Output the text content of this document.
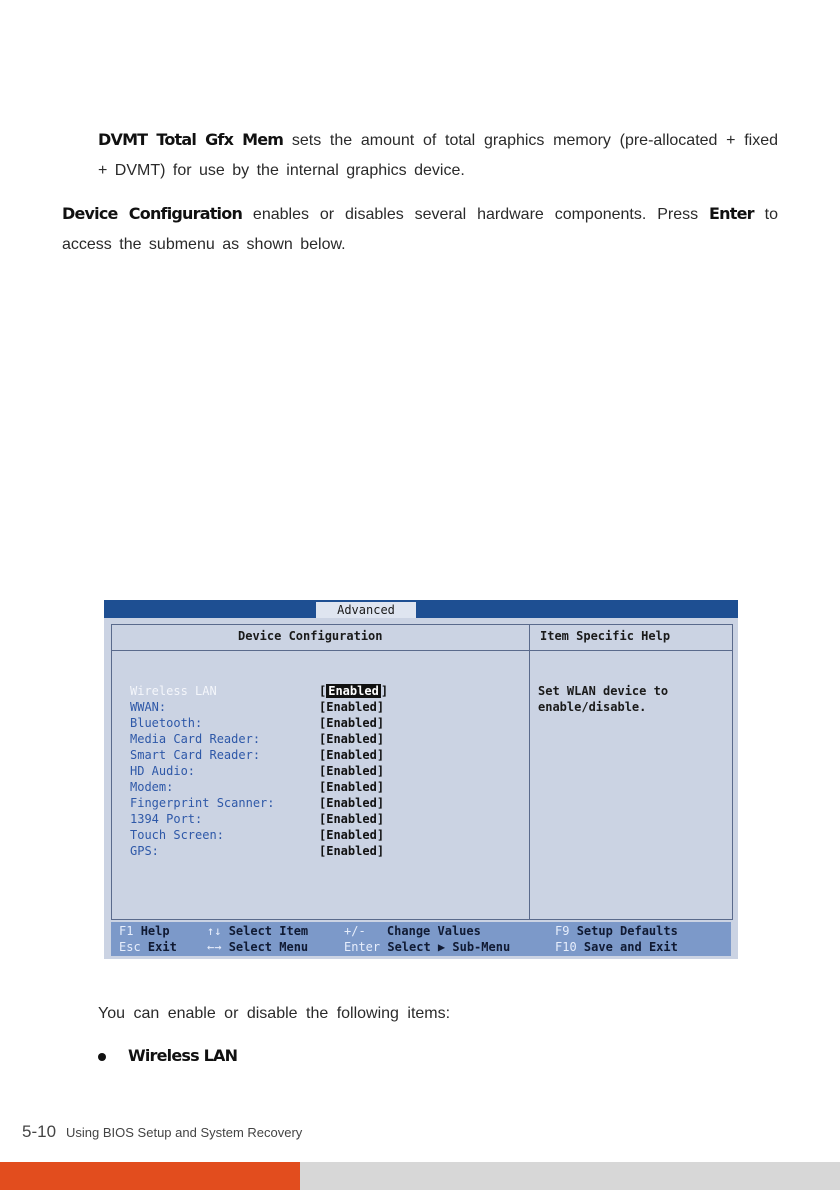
DVMT Total Gfx Mem sets the amount of total graphics memory (pre-allocated + fixed + DVMT) for use by the internal graphics device.

Device Configuration enables or disables several hardware components. Press Enter to access the submenu as shown below.

Advanced
Device Configuration	Item Specific Help
Wireless LAN	[ Enabled ]
WWAN:	[Enabled]
Bluetooth:	[Enabled]
Media Card Reader:	[Enabled]
Smart Card Reader:	[Enabled]
HD Audio:	[Enabled]
Modem:	[Enabled]
Fingerprint Scanner:	[Enabled]
1394 Port:	[Enabled]
Touch Screen:	[Enabled]
GPS:	[Enabled]

Set WLAN device to enable/disable.

F1 Help	↑↓ Select Item	+/- Change Values	F9 Setup Defaults
Esc Exit	←→ Select Menu	Enter Select ▶ Sub-Menu	F10 Save and Exit

You can enable or disable the following items:

Wireless LAN

5-10 Using BIOS Setup and System Recovery
